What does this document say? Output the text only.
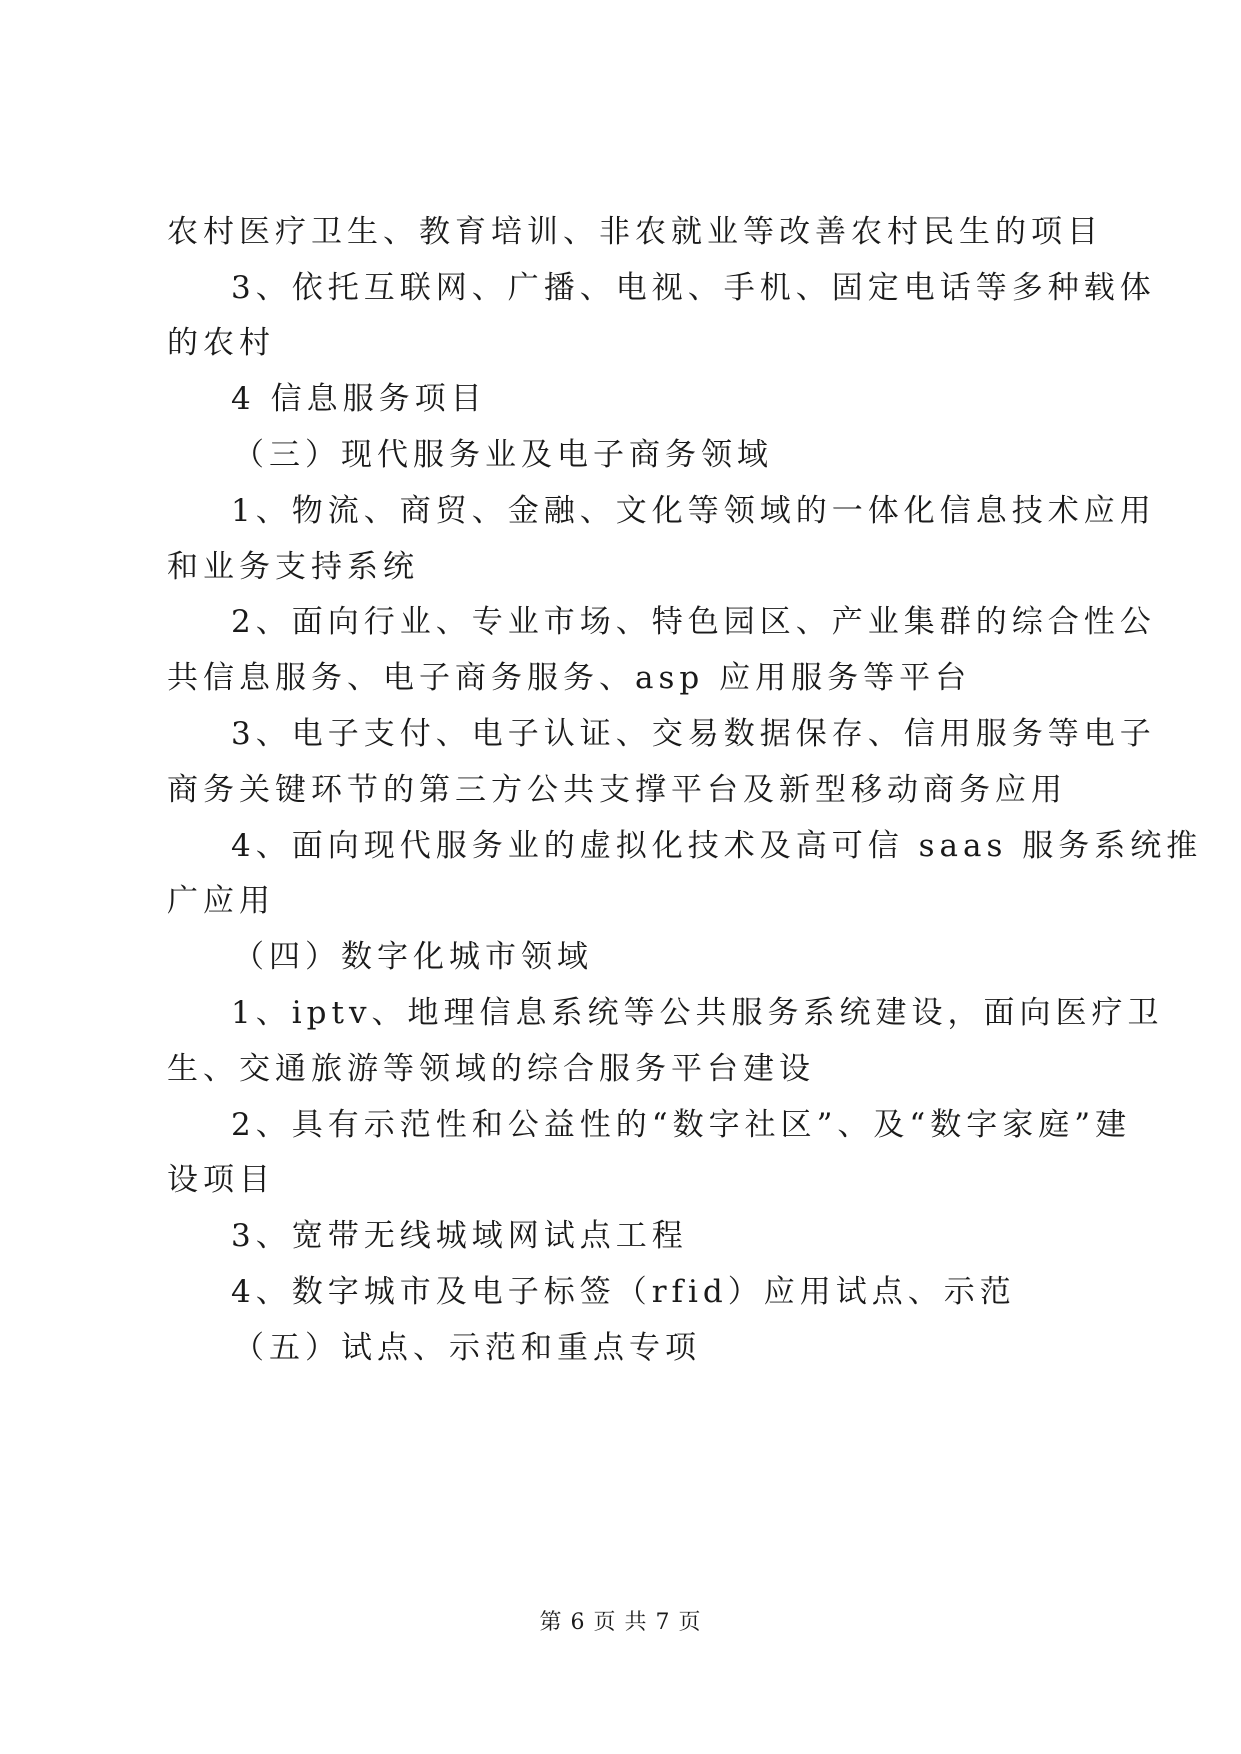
农村医疗卫生、教育培训、非农就业等改善农村民生的项目
3、依托互联网、广播、电视、手机、固定电话等多种载体
的农村
4 信息服务项目
（三）现代服务业及电子商务领域
1、物流、商贸、金融、文化等领域的一体化信息技术应用
和业务支持系统
2、面向行业、专业市场、特色园区、产业集群的综合性公
共信息服务、电子商务服务、asp 应用服务等平台
3、电子支付、电子认证、交易数据保存、信用服务等电子
商务关键环节的第三方公共支撑平台及新型移动商务应用
4、面向现代服务业的虚拟化技术及高可信 saas 服务系统推
广应用
（四）数字化城市领域
1、iptv、地理信息系统等公共服务系统建设，面向医疗卫
生、交通旅游等领域的综合服务平台建设
2、具有示范性和公益性的“数字社区”、及“数字家庭”建
设项目
3、宽带无线城域网试点工程
4、数字城市及电子标签（rfid）应用试点、示范
（五）试点、示范和重点专项
第 6 页 共 7 页
